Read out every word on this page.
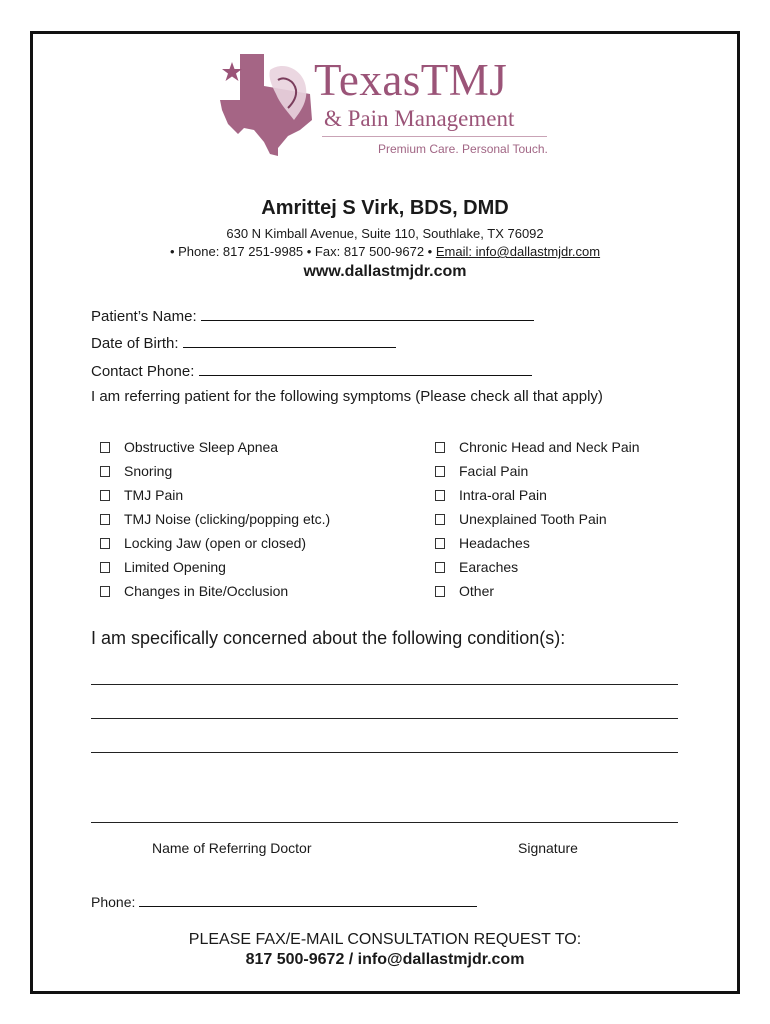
TexasTMJ
& Pain Management
Premium Care. Personal Touch.
Amrittej S Virk, BDS, DMD
630 N Kimball Avenue, Suite 110, Southlake, TX 76092
• Phone: 817 251-9985 • Fax: 817 500-9672 • Email: info@dallastmjdr.com
www.dallastmjdr.com
Patient’s Name:
Date of Birth:
Contact Phone:
I am referring patient for the following symptoms (Please check all that apply)
Obstructive Sleep Apnea
Snoring
TMJ Pain
TMJ Noise (clicking/popping etc.)
Locking Jaw (open or closed)
Limited Opening
Changes in Bite/Occlusion
Chronic Head and Neck Pain
Facial Pain
Intra-oral Pain
Unexplained Tooth Pain
Headaches
Earaches
Other
I am specifically concerned about the following condition(s):
Name of Referring Doctor	Signature
Phone:
PLEASE FAX/E-MAIL CONSULTATION REQUEST TO:
817 500-9672 / info@dallastmjdr.com
